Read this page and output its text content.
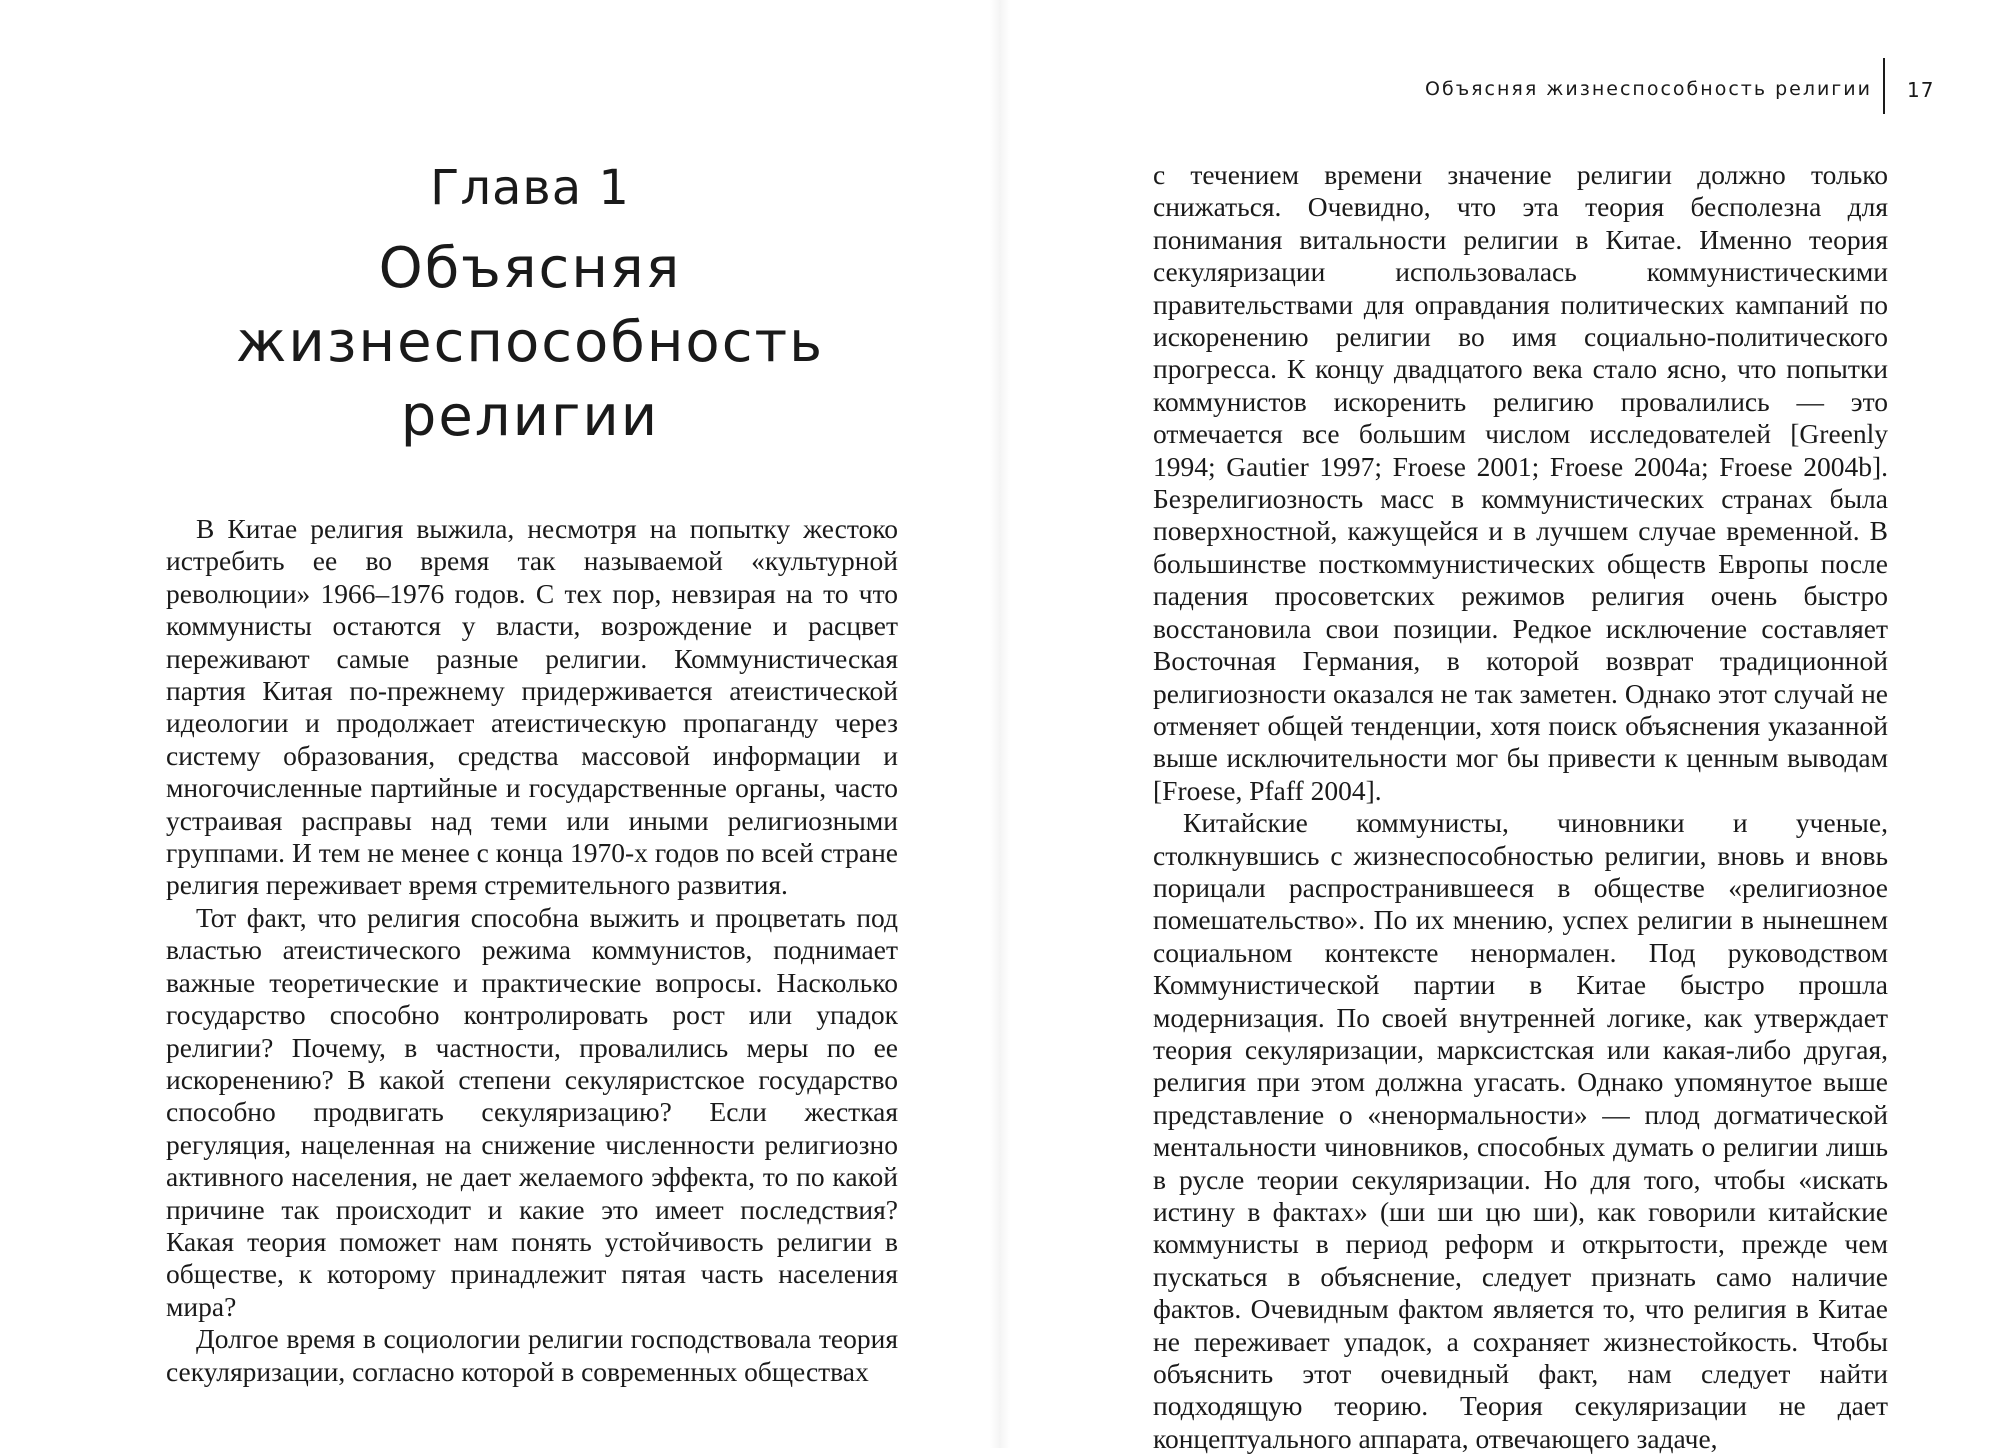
Глава 1
Объясняя
жизнеспособность религии

В Китае религия выжила, несмотря на попытку жестоко истребить ее во время так называемой «культурной революции» 1966–1976 годов. С тех пор, невзирая на то что коммунисты остаются у власти, возрождение и расцвет переживают самые разные религии. Коммунистическая партия Китая по-прежнему придерживается атеистической идеологии и продолжает атеистическую пропаганду через систему образования, средства массовой информации и многочисленные партийные и государственные органы, часто устраивая расправы над теми или иными религиозными группами. И тем не менее с конца 1970-х годов по всей стране религия переживает время стремительного развития.

Тот факт, что религия способна выжить и процветать под властью атеистического режима коммунистов, поднимает важные теоретические и практические вопросы. Насколько государство способно контролировать рост или упадок религии? Почему, в частности, провалились меры по ее искоренению? В какой степени секуляристское государство способно продвигать секуляризацию? Если жесткая регуляция, нацеленная на снижение численности религиозно активного населения, не дает желаемого эффекта, то по какой причине так происходит и какие это имеет последствия? Какая теория поможет нам понять устойчивость религии в обществе, к которому принадлежит пятая часть населения мира?

Долгое время в социологии религии господствовала теория секуляризации, согласно которой в современных обществах

Объясняя жизнеспособность религии 17

с течением времени значение религии должно только снижаться. Очевидно, что эта теория бесполезна для понимания витальности религии в Китае. Именно теория секуляризации использовалась коммунистическими правительствами для оправдания политических кампаний по искоренению религии во имя социально-политического прогресса. К концу двадцатого века стало ясно, что попытки коммунистов искоренить религию провалились — это отмечается все большим числом исследователей [Greenly 1994; Gautier 1997; Froese 2001; Froese 2004a; Froese 2004b]. Безрелигиозность масс в коммунистических странах была поверхностной, кажущейся и в лучшем случае временной. В большинстве посткоммунистических обществ Европы после падения просоветских режимов религия очень быстро восстановила свои позиции. Редкое исключение составляет Восточная Германия, в которой возврат традиционной религиозности оказался не так заметен. Однако этот случай не отменяет общей тенденции, хотя поиск объяснения указанной выше исключительности мог бы привести к ценным выводам [Froese, Pfaff 2004].

Китайские коммунисты, чиновники и ученые, столкнувшись с жизнеспособностью религии, вновь и вновь порицали распространившееся в обществе «религиозное помешательство». По их мнению, успех религии в нынешнем социальном контексте ненормален. Под руководством Коммунистической партии в Китае быстро прошла модернизация. По своей внутренней логике, как утверждает теория секуляризации, марксистская или какая-либо другая, религия при этом должна угасать. Однако упомянутое выше представление о «ненормальности» — плод догматической ментальности чиновников, способных думать о религии лишь в русле теории секуляризации. Но для того, чтобы «искать истину в фактах» (ши ши цю ши), как говорили китайские коммунисты в период реформ и открытости, прежде чем пускаться в объяснение, следует признать само наличие фактов. Очевидным фактом является то, что религия в Китае не переживает упадок, а сохраняет жизнестойкость. Чтобы объяснить этот очевидный факт, нам следует найти подходящую теорию. Теория секуляризации не дает концептуального аппарата, отвечающего задаче,
